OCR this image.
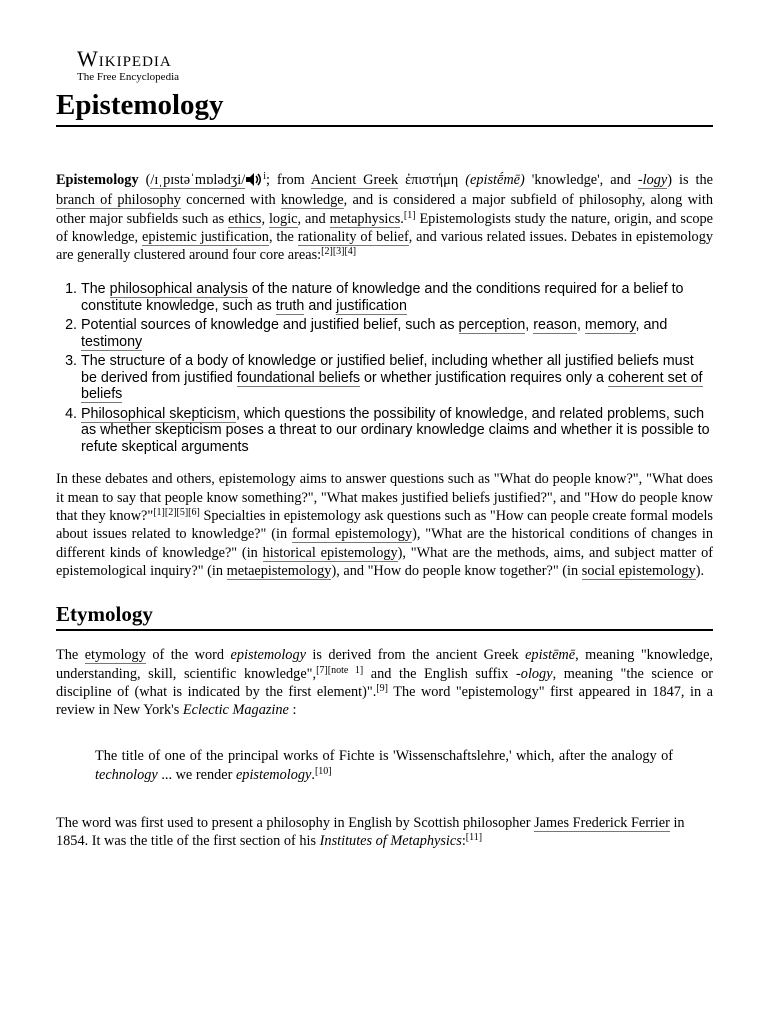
Wikipedia
The Free Encyclopedia
Epistemology

Epistemology (/ɪˌpɪstəˈmɒlədʒi/ $^i$; from Ancient Greek ἐπιστήμη (epistḗmē) 'knowledge', and -logy) is the branch of philosophy concerned with knowledge, and is considered a major subfield of philosophy, along with other major subfields such as ethics, logic, and metaphysics.[1] Epistemologists study the nature, origin, and scope of knowledge, epistemic justification, the rationality of belief, and various related issues. Debates in epistemology are generally clustered around four core areas:[2][3][4]

1. The philosophical analysis of the nature of knowledge and the conditions required for a belief to constitute knowledge, such as truth and justification
2. Potential sources of knowledge and justified belief, such as perception, reason, memory, and testimony
3. The structure of a body of knowledge or justified belief, including whether all justified beliefs must be derived from justified foundational beliefs or whether justification requires only a coherent set of beliefs
4. Philosophical skepticism, which questions the possibility of knowledge, and related problems, such as whether skepticism poses a threat to our ordinary knowledge claims and whether it is possible to refute skeptical arguments

In these debates and others, epistemology aims to answer questions such as "What do people know?", "What does it mean to say that people know something?", "What makes justified beliefs justified?", and "How do people know that they know?"[1][2][5][6] Specialties in epistemology ask questions such as "How can people create formal models about issues related to knowledge?" (in formal epistemology), "What are the historical conditions of changes in different kinds of knowledge?" (in historical epistemology), "What are the methods, aims, and subject matter of epistemological inquiry?" (in metaepistemology), and "How do people know together?" (in social epistemology).

Etymology

The etymology of the word epistemology is derived from the ancient Greek epistēmē, meaning "knowledge, understanding, skill, scientific knowledge",[7][note 1] and the English suffix -ology, meaning "the science or discipline of (what is indicated by the first element)".[9] The word "epistemology" first appeared in 1847, in a review in New York's Eclectic Magazine :

The title of one of the principal works of Fichte is 'Wissenschaftslehre,' which, after the analogy of technology ... we render epistemology.[10]

The word was first used to present a philosophy in English by Scottish philosopher James Frederick Ferrier in 1854. It was the title of the first section of his Institutes of Metaphysics:[11]
